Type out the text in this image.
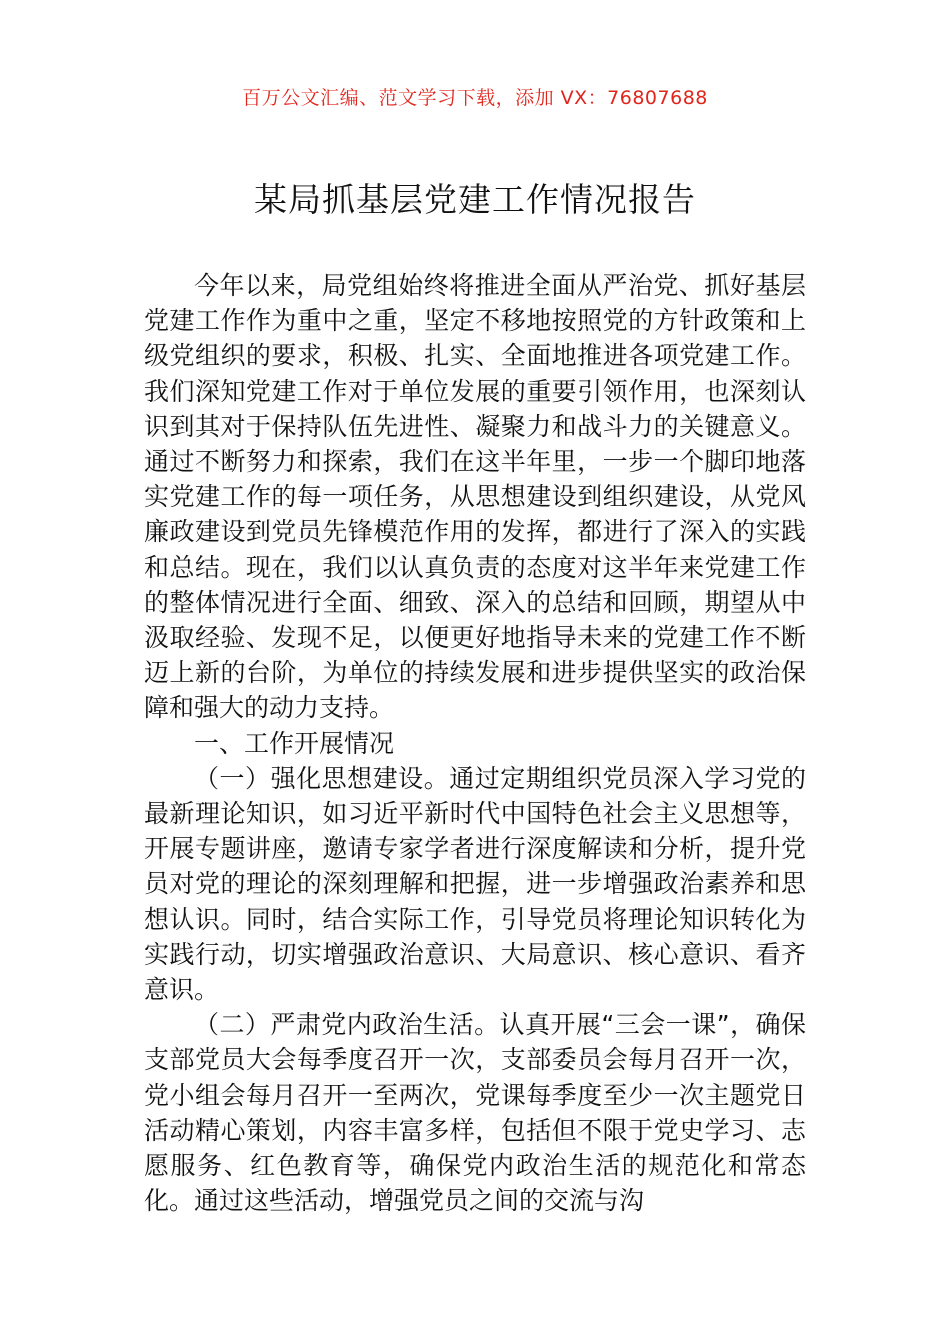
百万公文汇编、范文学习下载，添加 VX：76807688
某局抓基层党建工作情况报告

今年以来，局党组始终将推进全面从严治党、抓好基层党建工作作为重中之重，坚定不移地按照党的方针政策和上级党组织的要求，积极、扎实、全面地推进各项党建工作。我们深知党建工作对于单位发展的重要引领作用，也深刻认识到其对于保持队伍先进性、凝聚力和战斗力的关键意义。通过不断努力和探索，我们在这半年里，一步一个脚印地落实党建工作的每一项任务，从思想建设到组织建设，从党风廉政建设到党员先锋模范作用的发挥，都进行了深入的实践和总结。现在，我们以认真负责的态度对这半年来党建工作的整体情况进行全面、细致、深入的总结和回顾，期望从中汲取经验、发现不足，以便更好地指导未来的党建工作不断迈上新的台阶，为单位的持续发展和进步提供坚实的政治保障和强大的动力支持。

一、工作开展情况

（一）强化思想建设。通过定期组织党员深入学习党的最新理论知识，如习近平新时代中国特色社会主义思想等，开展专题讲座，邀请专家学者进行深度解读和分析，提升党员对党的理论的深刻理解和把握，进一步增强政治素养和思想认识。同时，结合实际工作，引导党员将理论知识转化为实践行动，切实增强政治意识、大局意识、核心意识、看齐意识。

（二）严肃党内政治生活。认真开展“三会一课”，确保支部党员大会每季度召开一次，支部委员会每月召开一次，党小组会每月召开一至两次，党课每季度至少一次主题党日活动精心策划，内容丰富多样，包括但不限于党史学习、志愿服务、红色教育等，确保党内政治生活的规范化和常态化。通过这些活动，增强党员之间的交流与沟
